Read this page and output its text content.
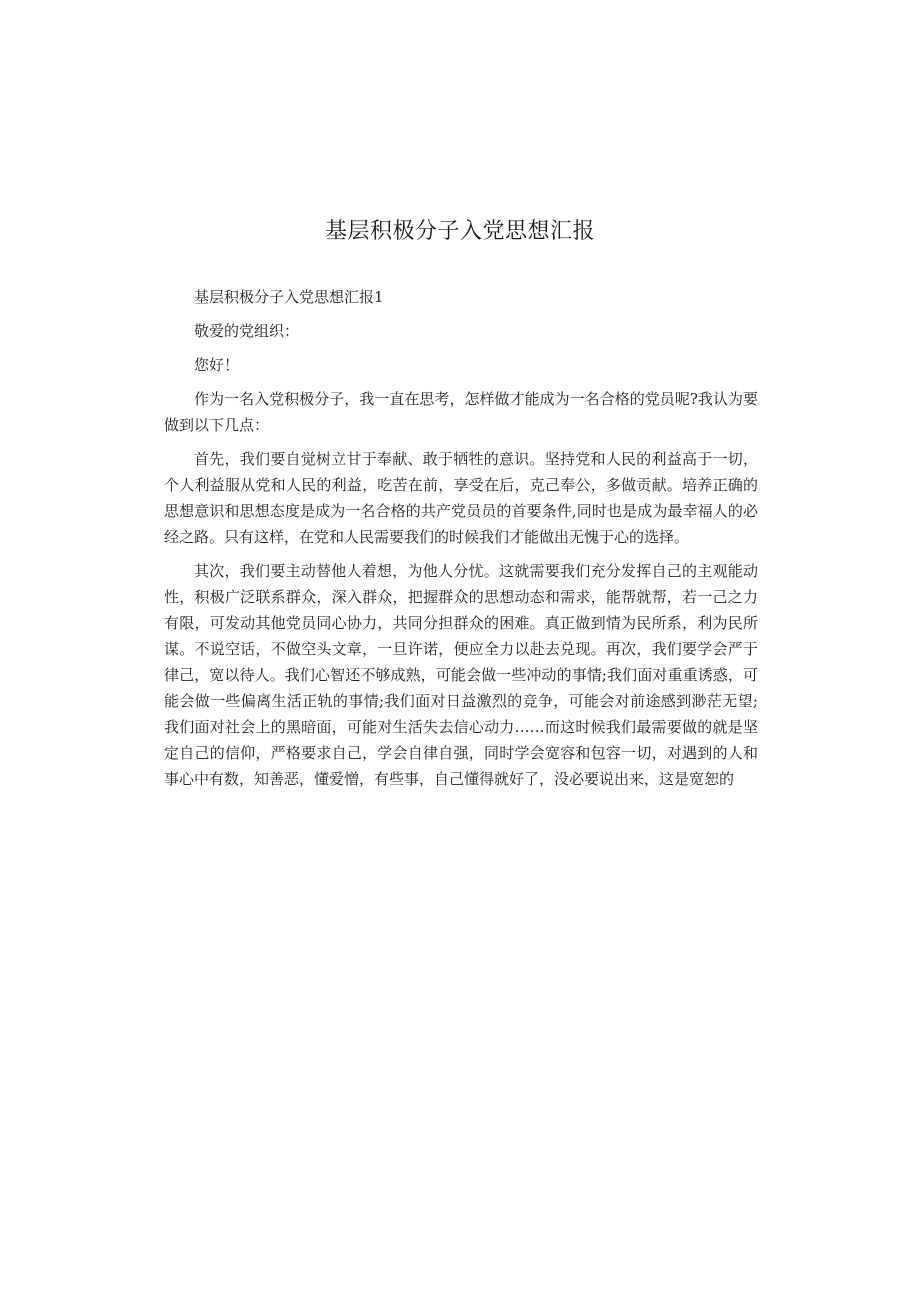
基层积极分子入党思想汇报

基层积极分子入党思想汇报1

敬爱的党组织：

您好！

作为一名入党积极分子，我一直在思考，怎样做才能成为一名合格的党员呢?我认为要做到以下几点：

首先，我们要自觉树立甘于奉献、敢于牺牲的意识。坚持党和人民的利益高于一切，个人利益服从党和人民的利益，吃苦在前，享受在后，克己奉公，多做贡献。培养正确的思想意识和思想态度是成为一名合格的共产党员员的首要条件,同时也是成为最幸福人的必经之路。只有这样，在党和人民需要我们的时候我们才能做出无愧于心的选择。

其次，我们要主动替他人着想，为他人分忧。这就需要我们充分发挥自己的主观能动性，积极广泛联系群众，深入群众，把握群众的思想动态和需求，能帮就帮，若一己之力有限，可发动其他党员同心协力，共同分担群众的困难。真正做到情为民所系，利为民所谋。不说空话，不做空头文章，一旦许诺，便应全力以赴去兑现。再次，我们要学会严于律己，宽以待人。我们心智还不够成熟，可能会做一些冲动的事情;我们面对重重诱惑，可能会做一些偏离生活正轨的事情;我们面对日益激烈的竞争，可能会对前途感到渺茫无望;我们面对社会上的黑暗面，可能对生活失去信心动力……而这时候我们最需要做的就是坚定自己的信仰，严格要求自己，学会自律自强，同时学会宽容和包容一切，对遇到的人和事心中有数，知善恶，懂爱憎，有些事，自己懂得就好了，没必要说出来，这是宽恕的
